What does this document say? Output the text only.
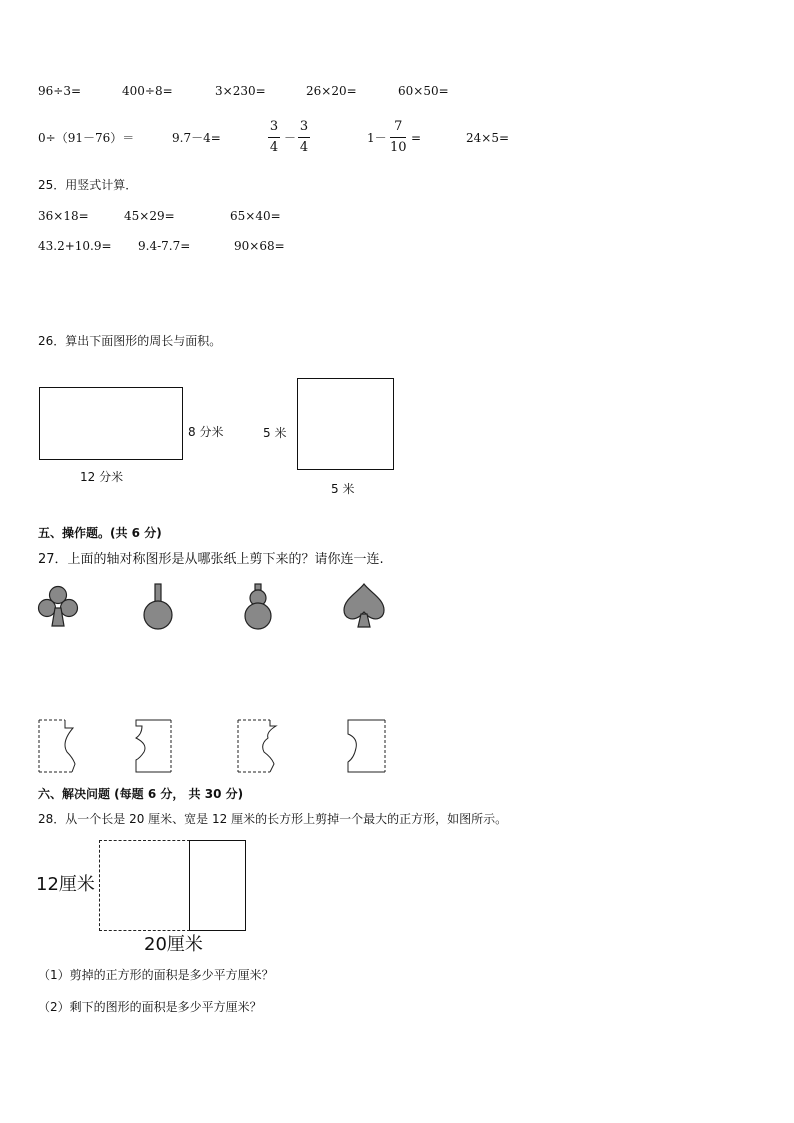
96÷3=	400÷8=	3×230=	26×20=	60×50=
0÷（91－76）＝	9.7－4=
3
4
－
3
4
1－
7
10
=	24×5=
25．用竖式计算．
36×18=	45×29=	65×40=
43.2+10.9= 9.4-7.7=	90×68=
26．算出下面图形的周长与面积。
8 分米
12 分米
5 米
5 米
五、操作题。(共 6 分)
27．上面的轴对称图形是从哪张纸上剪下来的？请你连一连.
六、解决问题 (每题 6 分， 共 30 分)
28．从一个长是 20 厘米、宽是 12 厘米的长方形上剪掉一个最大的正方形，如图所示。
12厘米
20厘米
（1）剪掉的正方形的面积是多少平方厘米？
（2）剩下的图形的面积是多少平方厘米？
